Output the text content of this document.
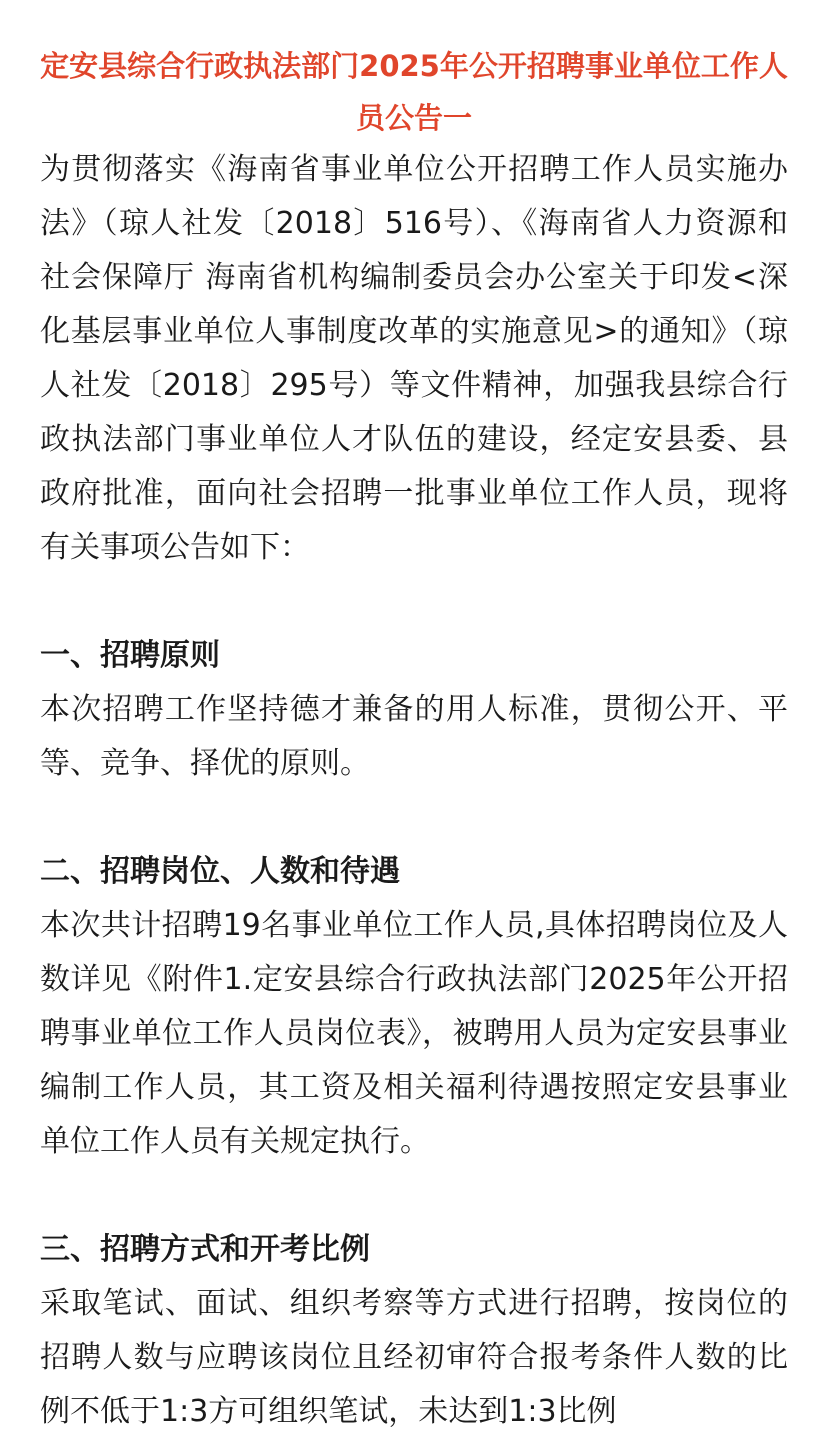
定安县综合行政执法部门2025年公开招聘事业单位工作人员公告一

为贯彻落实《海南省事业单位公开招聘工作人员实施办法》（琼人社发〔2018〕516号）、《海南省人力资源和社会保障厅 海南省机构编制委员会办公室关于印发<深化基层事业单位人事制度改革的实施意见>的通知》（琼人社发〔2018〕295号）等文件精神，加强我县综合行政执法部门事业单位人才队伍的建设，经定安县委、县政府批准，面向社会招聘一批事业单位工作人员，现将有关事项公告如下：

一、招聘原则

本次招聘工作坚持德才兼备的用人标准，贯彻公开、平等、竞争、择优的原则。

二、招聘岗位、人数和待遇

本次共计招聘19名事业单位工作人员,具体招聘岗位及人数详见《附件1.定安县综合行政执法部门2025年公开招聘事业单位工作人员岗位表》，被聘用人员为定安县事业编制工作人员，其工资及相关福利待遇按照定安县事业单位工作人员有关规定执行。

三、招聘方式和开考比例

采取笔试、面试、组织考察等方式进行招聘，按岗位的招聘人数与应聘该岗位且经初审符合报考条件人数的比例不低于1:3方可组织笔试，未达到1:3比例
